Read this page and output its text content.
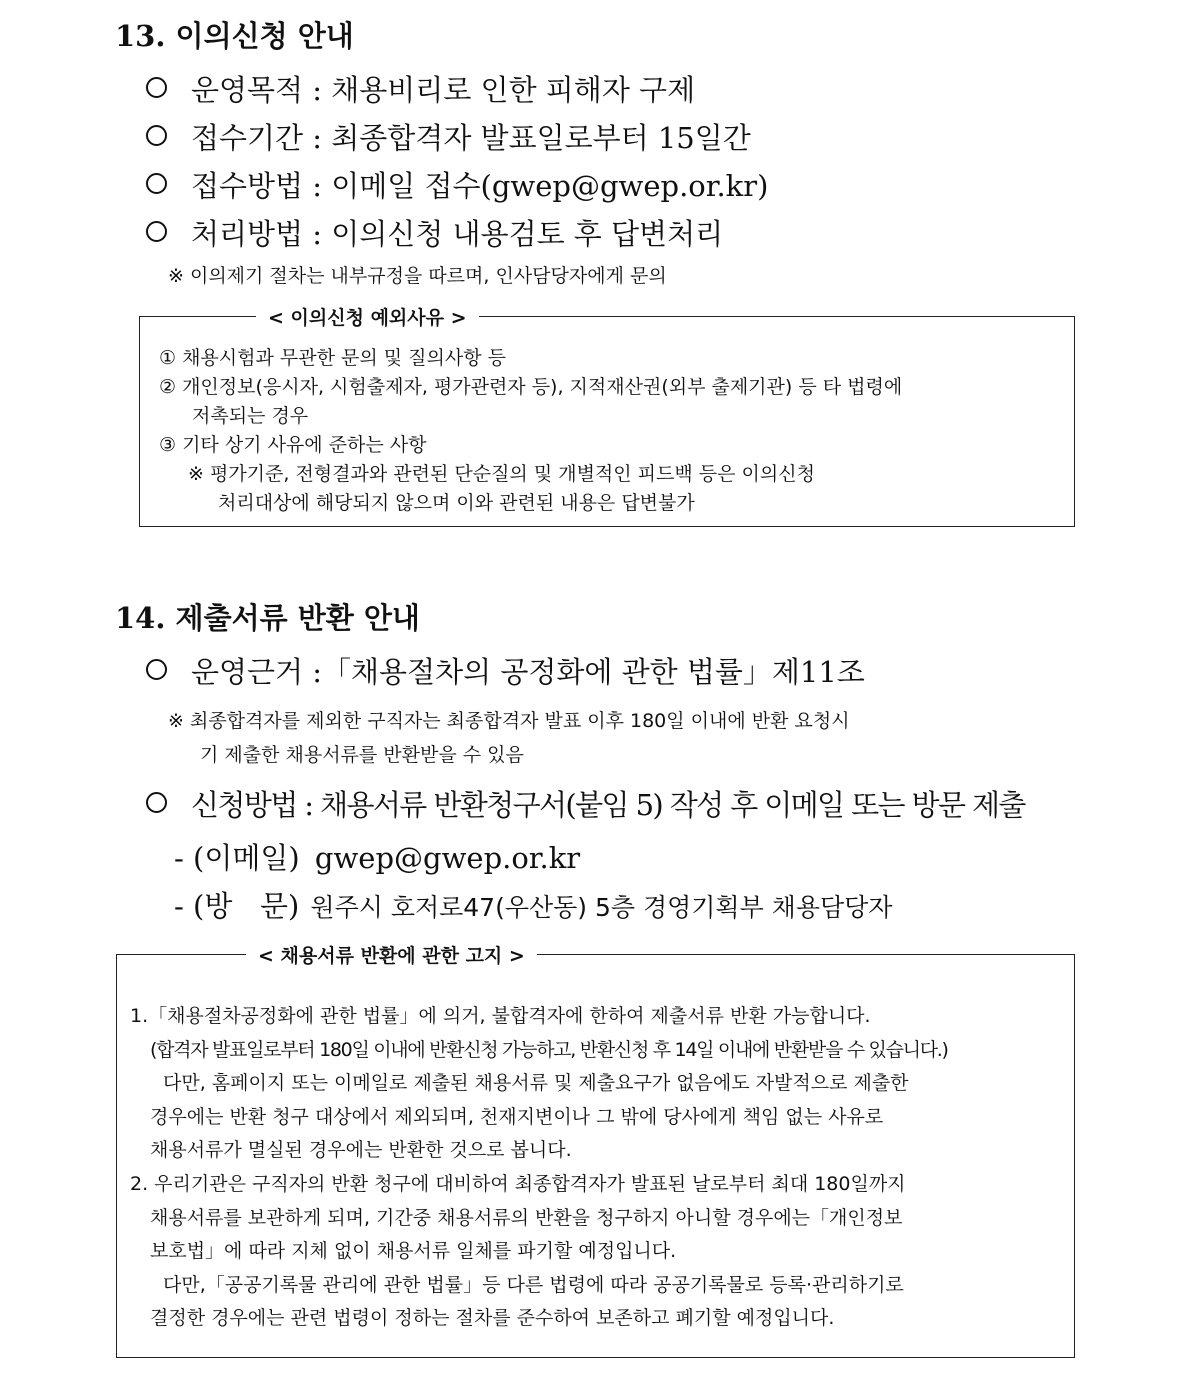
13. 이의신청 안내
운영목적 : 채용비리로 인한 피해자 구제
접수기간 : 최종합격자 발표일로부터 15일간
접수방법 : 이메일 접수(gwep@gwep.or.kr)
처리방법 : 이의신청 내용검토 후 답변처리
※ 이의제기 절차는 내부규정을 따르며, 인사담당자에게 문의
< 이의신청 예외사유 >
① 채용시험과 무관한 문의 및 질의사항 등
② 개인정보(응시자, 시험출제자, 평가관련자 등), 지적재산권(외부 출제기관) 등 타 법령에
저촉되는 경우
③ 기타 상기 사유에 준하는 사항
※ 평가기준, 전형결과와 관련된 단순질의 및 개별적인 피드백 등은 이의신청
처리대상에 해당되지 않으며 이와 관련된 내용은 답변불가
14. 제출서류 반환 안내
운영근거 :「채용절차의 공정화에 관한 법률」제11조
※ 최종합격자를 제외한 구직자는 최종합격자 발표 이후 180일 이내에 반환 요청시
기 제출한 채용서류를 반환받을 수 있음
신청방법 : 채용서류 반환청구서(붙임 5) 작성 후 이메일 또는 방문 제출
- (이메일) gwep@gwep.or.kr
- (방   문) 원주시 호저로47(우산동) 5층 경영기획부 채용담당자
< 채용서류 반환에 관한 고지 >
1.「채용절차공정화에 관한 법률」에 의거, 불합격자에 한하여 제출서류 반환 가능합니다.
(합격자 발표일로부터 180일 이내에 반환신청 가능하고, 반환신청 후 14일 이내에 반환받을 수 있습니다.)
다만, 홈페이지 또는 이메일로 제출된 채용서류 및 제출요구가 없음에도 자발적으로 제출한
경우에는 반환 청구 대상에서 제외되며, 천재지변이나 그 밖에 당사에게 책임 없는 사유로
채용서류가 멸실된 경우에는 반환한 것으로 봅니다.
2. 우리기관은 구직자의 반환 청구에 대비하여 최종합격자가 발표된 날로부터 최대 180일까지
채용서류를 보관하게 되며, 기간중 채용서류의 반환을 청구하지 아니할 경우에는「개인정보
보호법」에 따라 지체 없이 채용서류 일체를 파기할 예정입니다.
다만,「공공기록물 관리에 관한 법률」등 다른 법령에 따라 공공기록물로 등록·관리하기로
결정한 경우에는 관련 법령이 정하는 절차를 준수하여 보존하고 폐기할 예정입니다.
